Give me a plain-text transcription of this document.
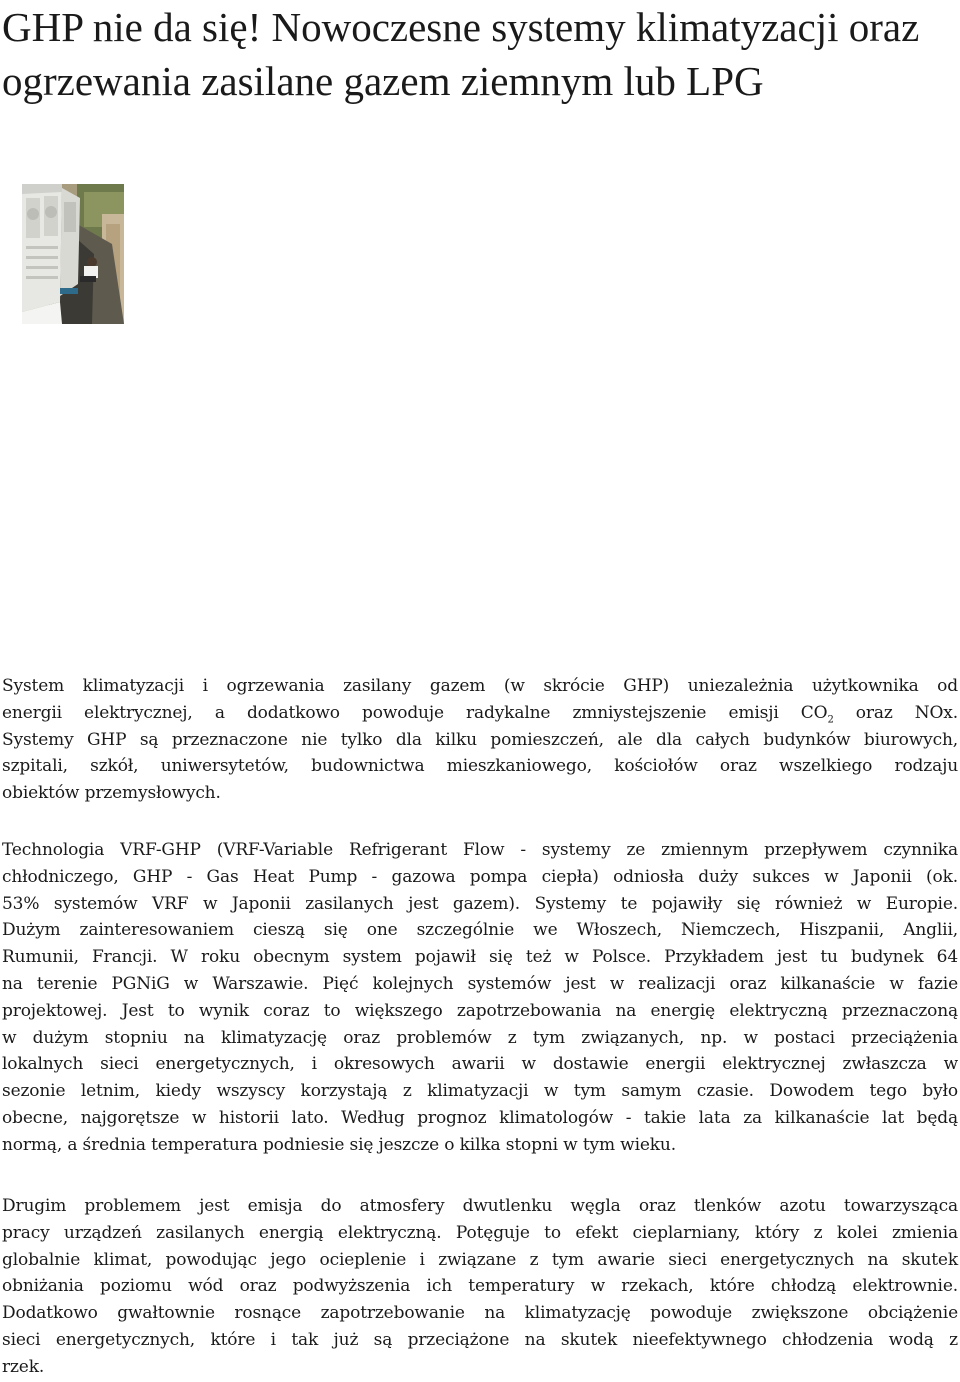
GHP nie da się! Nowoczesne systemy klimatyzacji oraz ogrzewania zasilane gazem ziemnym lub LPG
System klimatyzacji i ogrzewania zasilany gazem (w skrócie GHP) uniezależnia użytkownika od
energii elektrycznej, a dodatkowo powoduje radykalne zmniystejszenie emisji $CO_2$ oraz NOx.
Systemy GHP są przeznaczone nie tylko dla kilku pomieszczeń, ale dla całych budynków biurowych,
szpitali, szkół, uniwersytetów, budownictwa mieszkaniowego, kościołów oraz wszelkiego rodzaju
obiektów przemysłowych.
Technologia VRF-GHP (VRF-Variable Refrigerant Flow - systemy ze zmiennym przepływem czynnika
chłodniczego, GHP - Gas Heat Pump - gazowa pompa ciepła) odniosła duży sukces w Japonii (ok.
53% systemów VRF w Japonii zasilanych jest gazem). Systemy te pojawiły się również w Europie.
Dużym zainteresowaniem cieszą się one szczególnie we Włoszech, Niemczech, Hiszpanii, Anglii,
Rumunii, Francji. W roku obecnym system pojawił się też w Polsce. Przykładem jest tu budynek 64
na terenie PGNiG w Warszawie. Pięć kolejnych systemów jest w realizacji oraz kilkanaście w fazie
projektowej. Jest to wynik coraz to większego zapotrzebowania na energię elektryczną przeznaczoną
w dużym stopniu na klimatyzację oraz problemów z tym związanych, np. w postaci przeciążenia
lokalnych sieci energetycznych, i okresowych awarii w dostawie energii elektrycznej zwłaszcza w
sezonie letnim, kiedy wszyscy korzystają z klimatyzacji w tym samym czasie. Dowodem tego było
obecne, najgorętsze w historii lato. Według prognoz klimatologów - takie lata za kilkanaście lat będą
normą, a średnia temperatura podniesie się jeszcze o kilka stopni w tym wieku.
Drugim problemem jest emisja do atmosfery dwutlenku węgla oraz tlenków azotu towarzysząca
pracy urządzeń zasilanych energią elektryczną. Potęguje to efekt cieplarniany, który z kolei zmienia
globalnie klimat, powodując jego ocieplenie i związane z tym awarie sieci energetycznych na skutek
obniżania poziomu wód oraz podwyższenia ich temperatury w rzekach, które chłodzą elektrownie.
Dodatkowo gwałtownie rosnące zapotrzebowanie na klimatyzację powoduje zwiększone obciążenie
sieci energetycznych, które i tak już są przeciążone na skutek nieefektywnego chłodzenia wodą z
rzek.
